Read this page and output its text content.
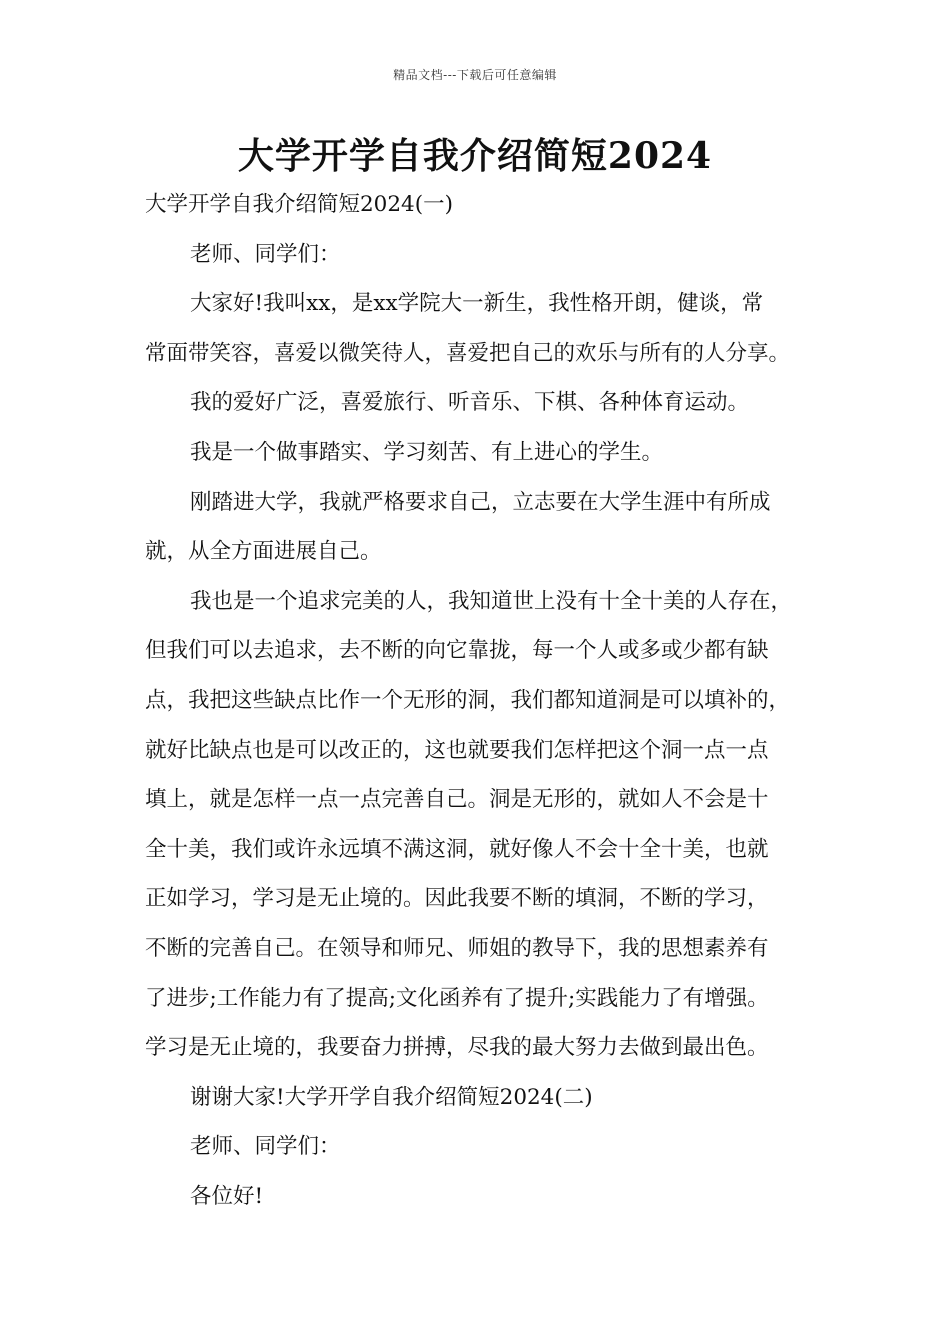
精品文档---下载后可任意编辑
大学开学自我介绍简短2024

大学开学自我介绍简短2024(一)

老师、同学们：

大家好!我叫xx，是xx学院大一新生，我性格开朗，健谈，常

常面带笑容，喜爱以微笑待人，喜爱把自己的欢乐与所有的人分享。

我的爱好广泛，喜爱旅行、听音乐、下棋、各种体育运动。

我是一个做事踏实、学习刻苦、有上进心的学生。

刚踏进大学，我就严格要求自己，立志要在大学生涯中有所成

就，从全方面进展自己。

我也是一个追求完美的人，我知道世上没有十全十美的人存在，

但我们可以去追求，去不断的向它靠拢，每一个人或多或少都有缺

点，我把这些缺点比作一个无形的洞，我们都知道洞是可以填补的，

就好比缺点也是可以改正的，这也就要我们怎样把这个洞一点一点

填上，就是怎样一点一点完善自己。洞是无形的，就如人不会是十

全十美，我们或许永远填不满这洞，就好像人不会十全十美，也就

正如学习，学习是无止境的。因此我要不断的填洞，不断的学习，

不断的完善自己。在领导和师兄、师姐的教导下，我的思想素养有

了进步;工作能力有了提高;文化函养有了提升;实践能力了有增强。

学习是无止境的，我要奋力拼搏，尽我的最大努力去做到最出色。

谢谢大家!大学开学自我介绍简短2024(二)

老师、同学们：

各位好!
